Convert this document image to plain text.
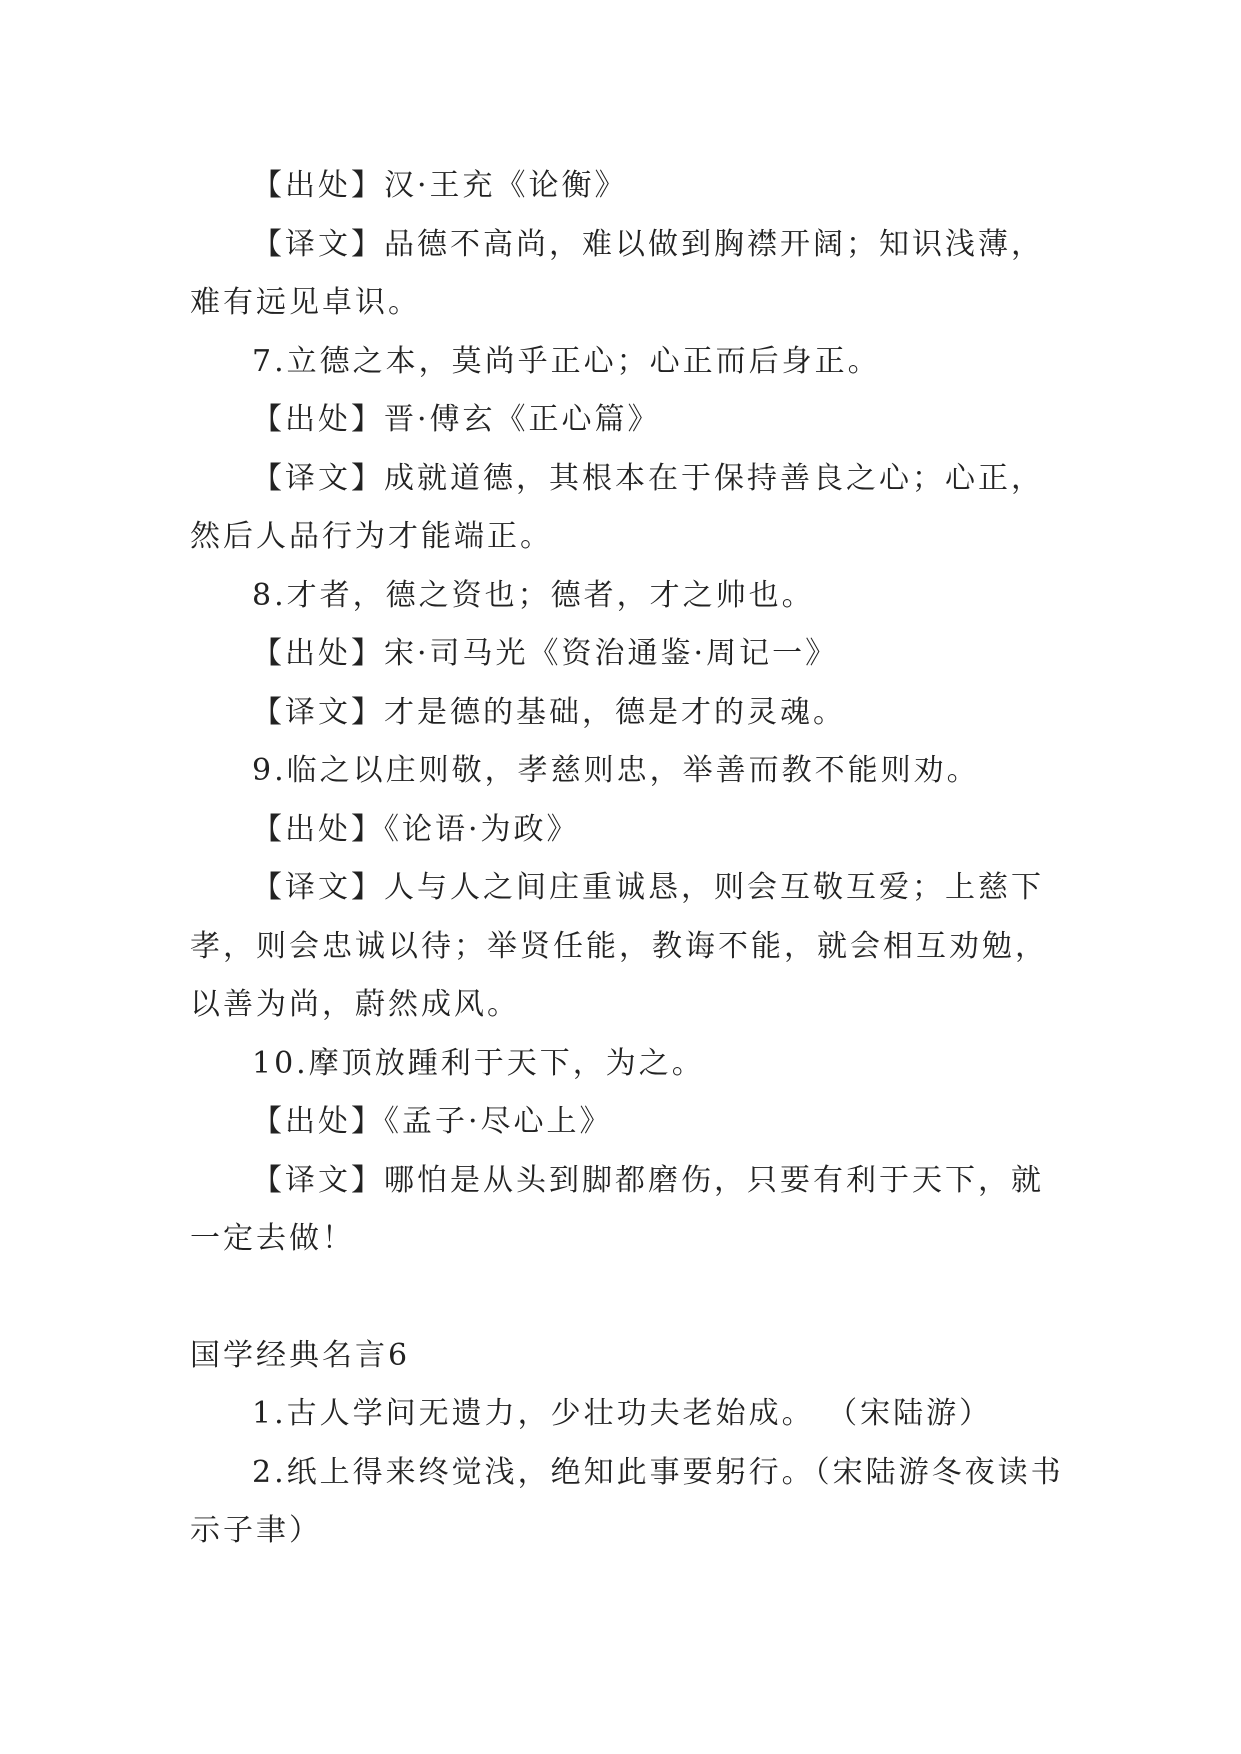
【出处】汉·王充《论衡》

【译文】品德不高尚，难以做到胸襟开阔；知识浅薄，难有远见卓识。

7.立德之本，莫尚乎正心；心正而后身正。

【出处】晋·傅玄《正心篇》

【译文】成就道德，其根本在于保持善良之心；心正，然后人品行为才能端正。

8.才者，德之资也；德者，才之帅也。

【出处】宋·司马光《资治通鉴·周记一》

【译文】才是德的基础，德是才的灵魂。

9.临之以庄则敬，孝慈则忠，举善而教不能则劝。

【出处】《论语·为政》

【译文】人与人之间庄重诚恳，则会互敬互爱；上慈下孝，则会忠诚以待；举贤任能，教诲不能，就会相互劝勉，以善为尚，蔚然成风。

10.摩顶放踵利于天下，为之。

【出处】《孟子·尽心上》

【译文】哪怕是从头到脚都磨伤，只要有利于天下，就一定去做！

国学经典名言6

1.古人学问无遗力，少壮功夫老始成。 （宋陆游）

2.纸上得来终觉浅，绝知此事要躬行。（宋陆游冬夜读书示子聿）
